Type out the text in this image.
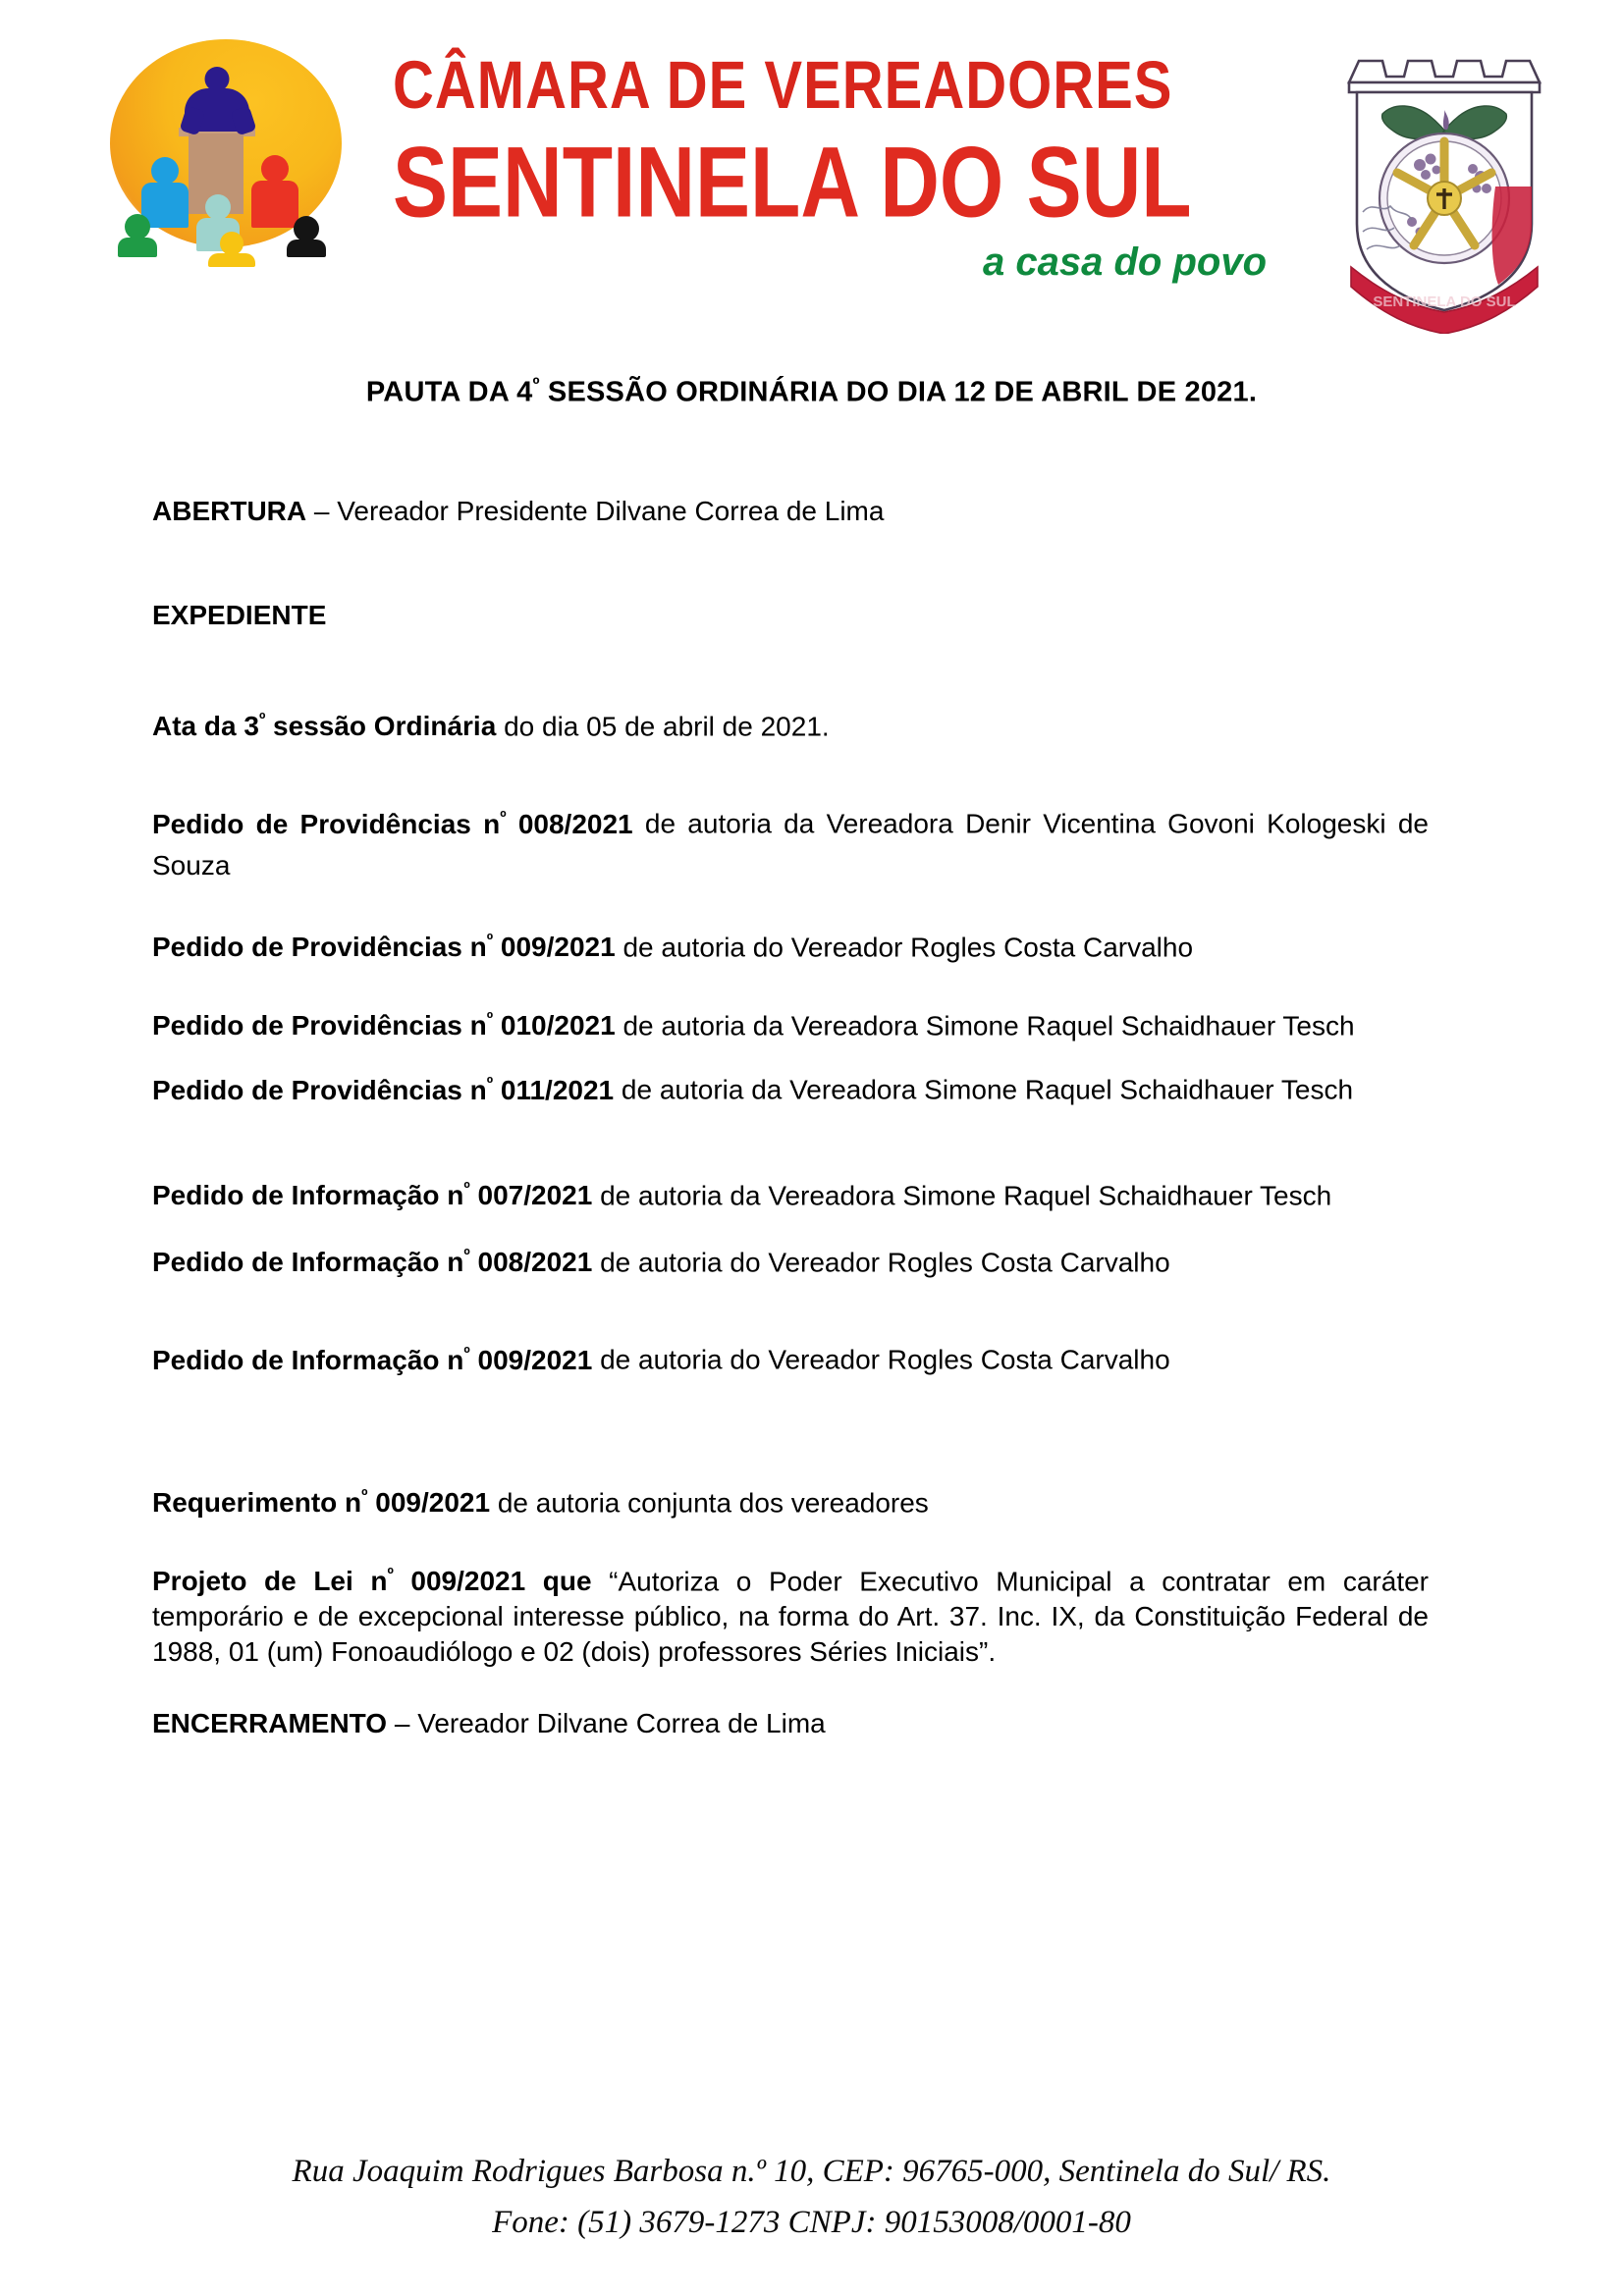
CÂMARA DE VEREADORES
SENTINELA DO SUL
a casa do povo
SENTINELA DO SUL
PAUTA DA $4^º$ SESSÃO ORDINÁRIA DO DIA 12 DE ABRIL DE 2021.

ABERTURA – Vereador Presidente Dilvane Correa de Lima

EXPEDIENTE

Ata da $3^º$ sessão Ordinária do dia 05 de abril de 2021.

Pedido de Providências $n^º$ 008/2021 de autoria da Vereadora Denir Vicentina Govoni Kologeski de Souza

Pedido de Providências $n^º$ 009/2021 de autoria do Vereador Rogles Costa Carvalho

Pedido de Providências $n^º$ 010/2021 de autoria da Vereadora Simone Raquel Schaidhauer Tesch

Pedido de Providências $n^º$ 011/2021 de autoria da Vereadora Simone Raquel Schaidhauer Tesch

Pedido de Informação $n^º$ 007/2021 de autoria da Vereadora Simone Raquel Schaidhauer Tesch

Pedido de Informação $n^º$ 008/2021 de autoria do Vereador Rogles Costa Carvalho

Pedido de Informação $n^º$ 009/2021 de autoria do Vereador Rogles Costa Carvalho

Requerimento $n^º$ 009/2021 de autoria conjunta dos vereadores

Projeto de Lei $n^º$ 009/2021 que “Autoriza o Poder Executivo Municipal a contratar em caráter temporário e de excepcional interesse público, na forma do Art. 37. Inc. IX, da Constituição Federal de 1988, 01 (um) Fonoaudiólogo e 02 (dois) professores Séries Iniciais”.

ENCERRAMENTO – Vereador Dilvane Correa de Lima

Rua Joaquim Rodrigues Barbosa n.º 10, CEP: 96765-000, Sentinela do Sul/ RS.
Fone: (51) 3679-1273 CNPJ: 90153008/0001-80
